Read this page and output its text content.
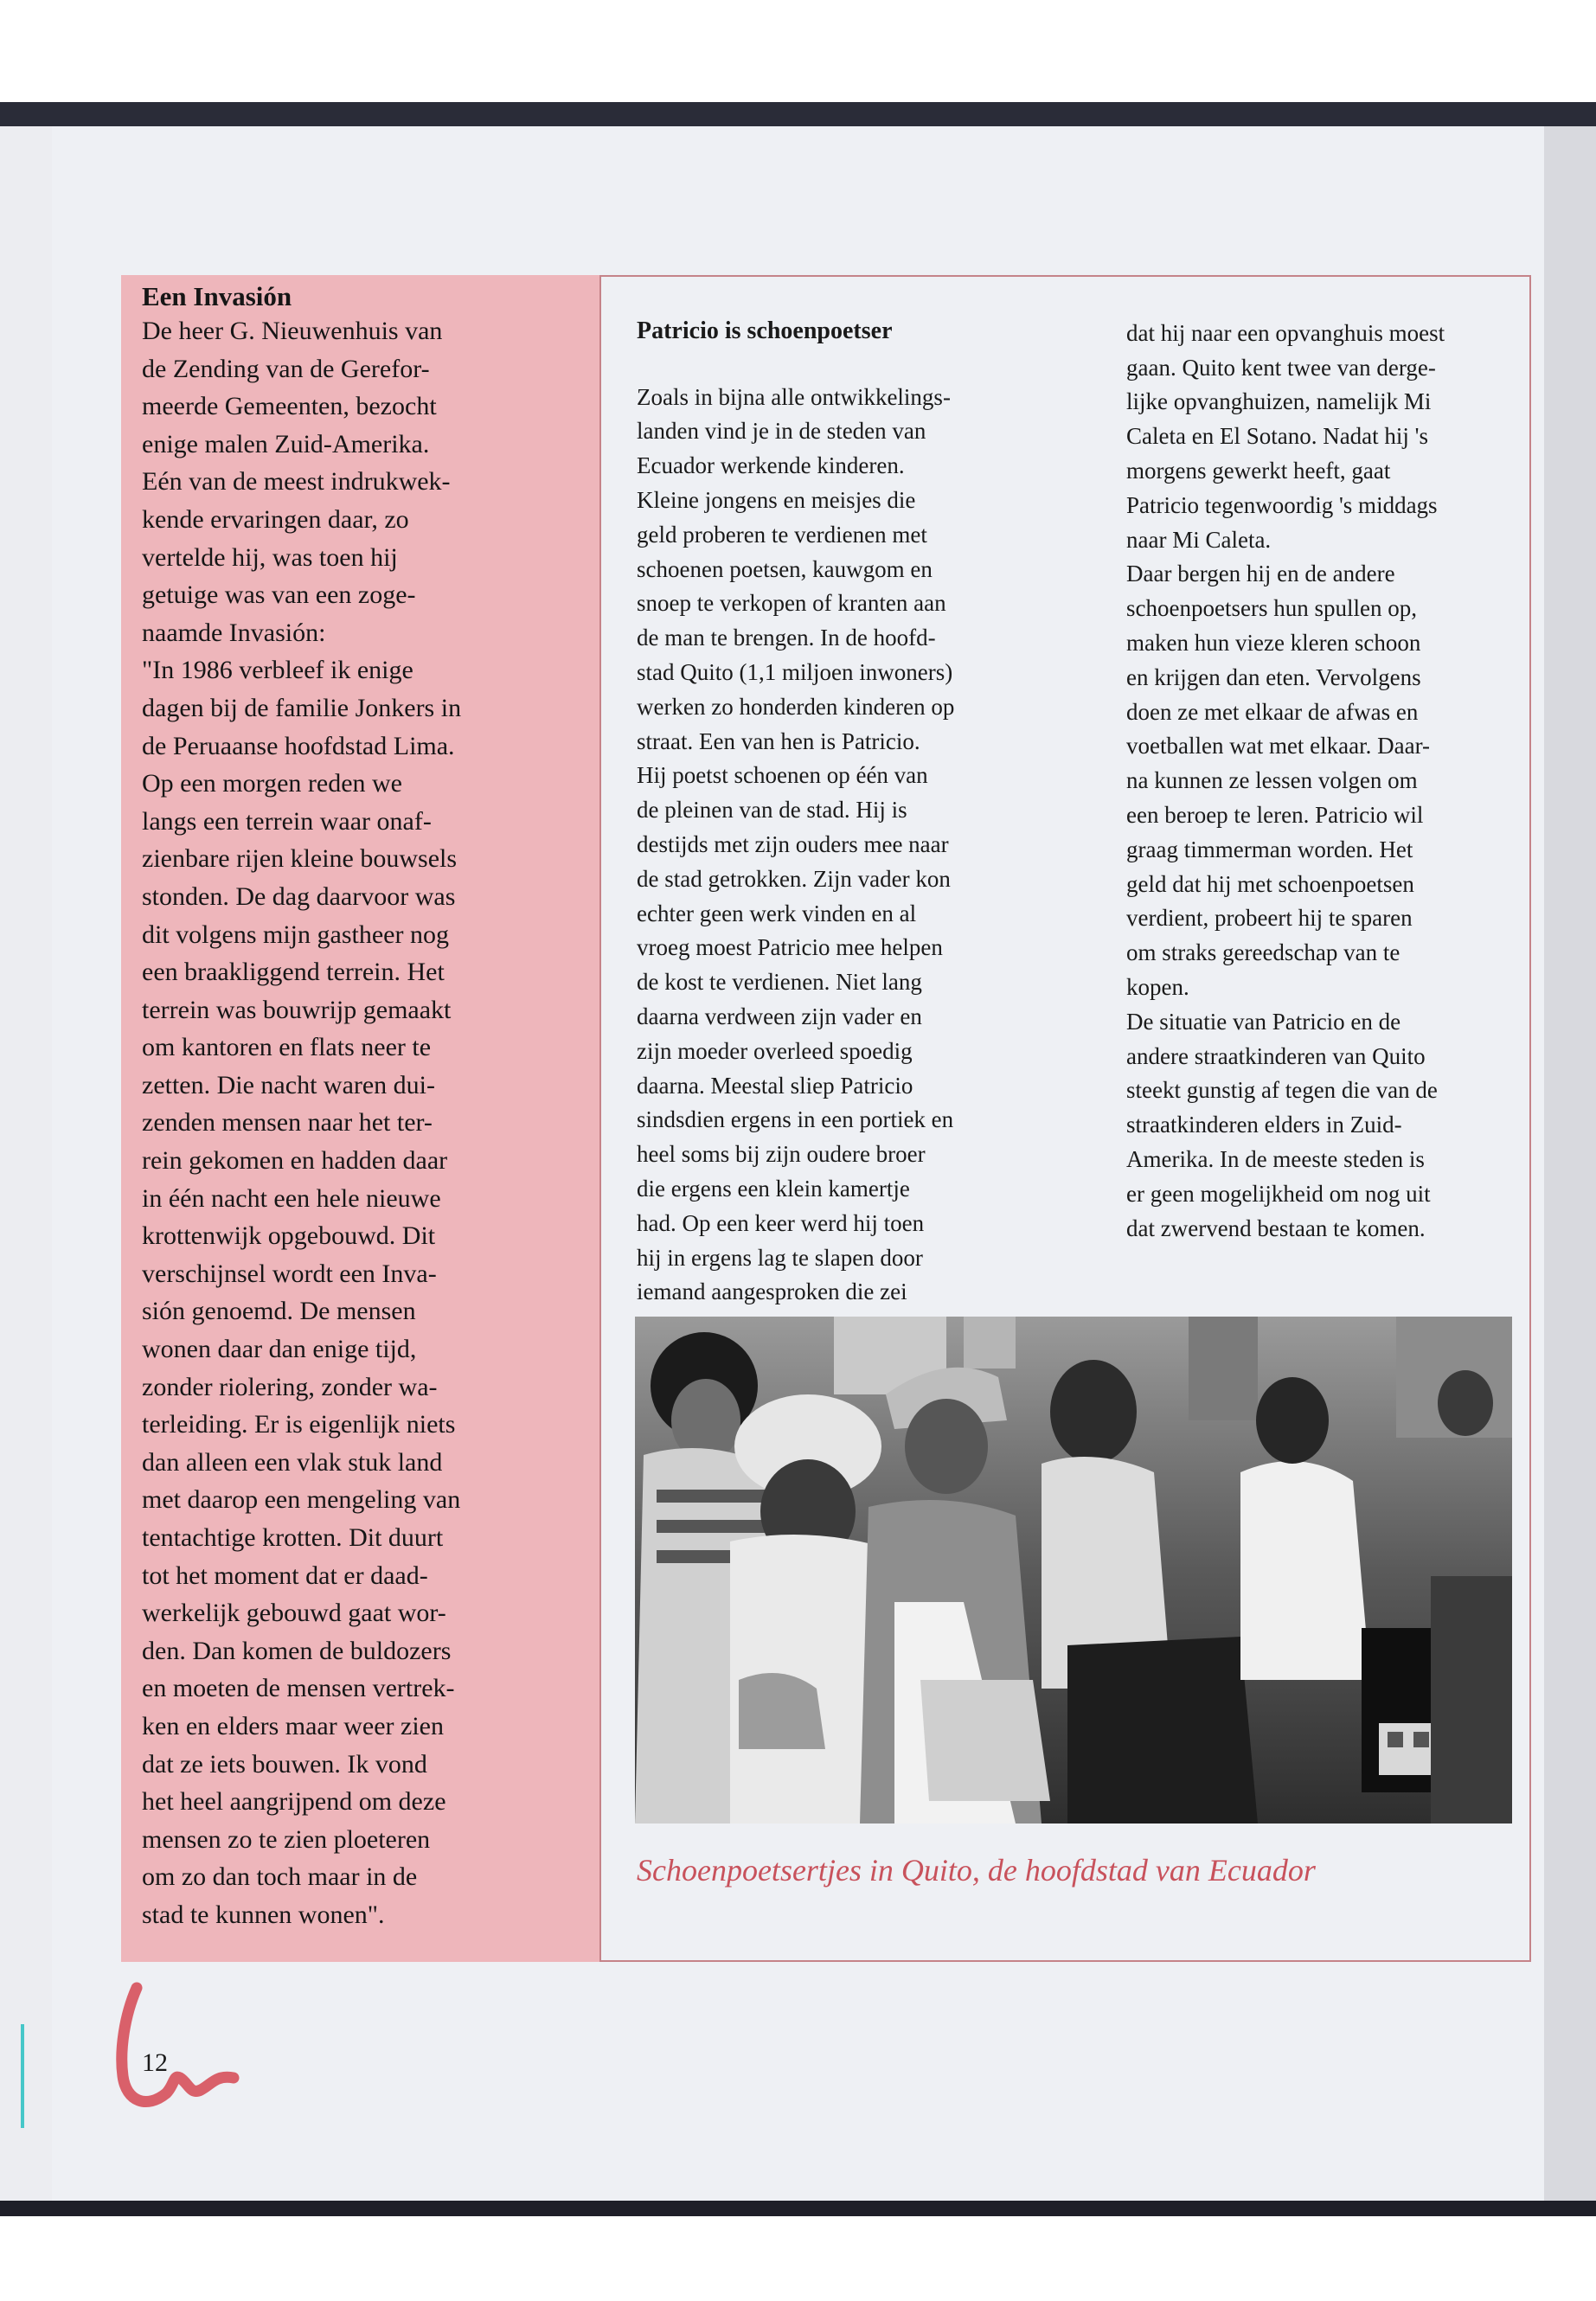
Een Invasión

De heer G. Nieuwenhuis van
de Zending van de Gerefor-
meerde Gemeenten, bezocht
enige malen Zuid-Amerika.
Eén van de meest indrukwek-
kende ervaringen daar, zo
vertelde hij, was toen hij
getuige was van een zoge-
naamde Invasión:
"In 1986 verbleef ik enige
dagen bij de familie Jonkers in
de Peruaanse hoofdstad Lima.
Op een morgen reden we
langs een terrein waar onaf-
zienbare rijen kleine bouwsels
stonden. De dag daarvoor was
dit volgens mijn gastheer nog
een braakliggend terrein. Het
terrein was bouwrijp gemaakt
om kantoren en flats neer te
zetten. Die nacht waren dui-
zenden mensen naar het ter-
rein gekomen en hadden daar
in één nacht een hele nieuwe
krottenwijk opgebouwd. Dit
verschijnsel wordt een Inva-
sión genoemd. De mensen
wonen daar dan enige tijd,
zonder riolering, zonder wa-
terleiding. Er is eigenlijk niets
dan alleen een vlak stuk land
met daarop een mengeling van
tentachtige krotten. Dit duurt
tot het moment dat er daad-
werkelijk gebouwd gaat wor-
den. Dan komen de buldozers
en moeten de mensen vertrek-
ken en elders maar weer zien
dat ze iets bouwen. Ik vond
het heel aangrijpend om deze
mensen zo te zien ploeteren
om zo dan toch maar in de
stad te kunnen wonen".

Patricio is schoenpoetser

Zoals in bijna alle ontwikkelings-
landen vind je in de steden van
Ecuador werkende kinderen.
Kleine jongens en meisjes die
geld proberen te verdienen met
schoenen poetsen, kauwgom en
snoep te verkopen of kranten aan
de man te brengen. In de hoofd-
stad Quito (1,1 miljoen inwoners)
werken zo honderden kinderen op
straat. Een van hen is Patricio.
Hij poetst schoenen op één van
de pleinen van de stad. Hij is
destijds met zijn ouders mee naar
de stad getrokken. Zijn vader kon
echter geen werk vinden en al
vroeg moest Patricio mee helpen
de kost te verdienen. Niet lang
daarna verdween zijn vader en
zijn moeder overleed spoedig
daarna. Meestal sliep Patricio
sindsdien ergens in een portiek en
heel soms bij zijn oudere broer
die ergens een klein kamertje
had. Op een keer werd hij toen
hij in ergens lag te slapen door
iemand aangesproken die zei

dat hij naar een opvanghuis moest
gaan. Quito kent twee van derge-
lijke opvanghuizen, namelijk Mi
Caleta en El Sotano. Nadat hij 's
morgens gewerkt heeft, gaat
Patricio tegenwoordig 's middags
naar Mi Caleta.
Daar bergen hij en de andere
schoenpoetsers hun spullen op,
maken hun vieze kleren schoon
en krijgen dan eten. Vervolgens
doen ze met elkaar de afwas en
voetballen wat met elkaar. Daar-
na kunnen ze lessen volgen om
een beroep te leren. Patricio wil
graag timmerman worden. Het
geld dat hij met schoenpoetsen
verdient, probeert hij te sparen
om straks gereedschap van te
kopen.
De situatie van Patricio en de
andere straatkinderen van Quito
steekt gunstig af tegen die van de
straatkinderen elders in Zuid-
Amerika. In de meeste steden is
er geen mogelijkheid om nog uit
dat zwervend bestaan te komen.

Schoenpoetsertjes in Quito, de hoofdstad van Ecuador
12
